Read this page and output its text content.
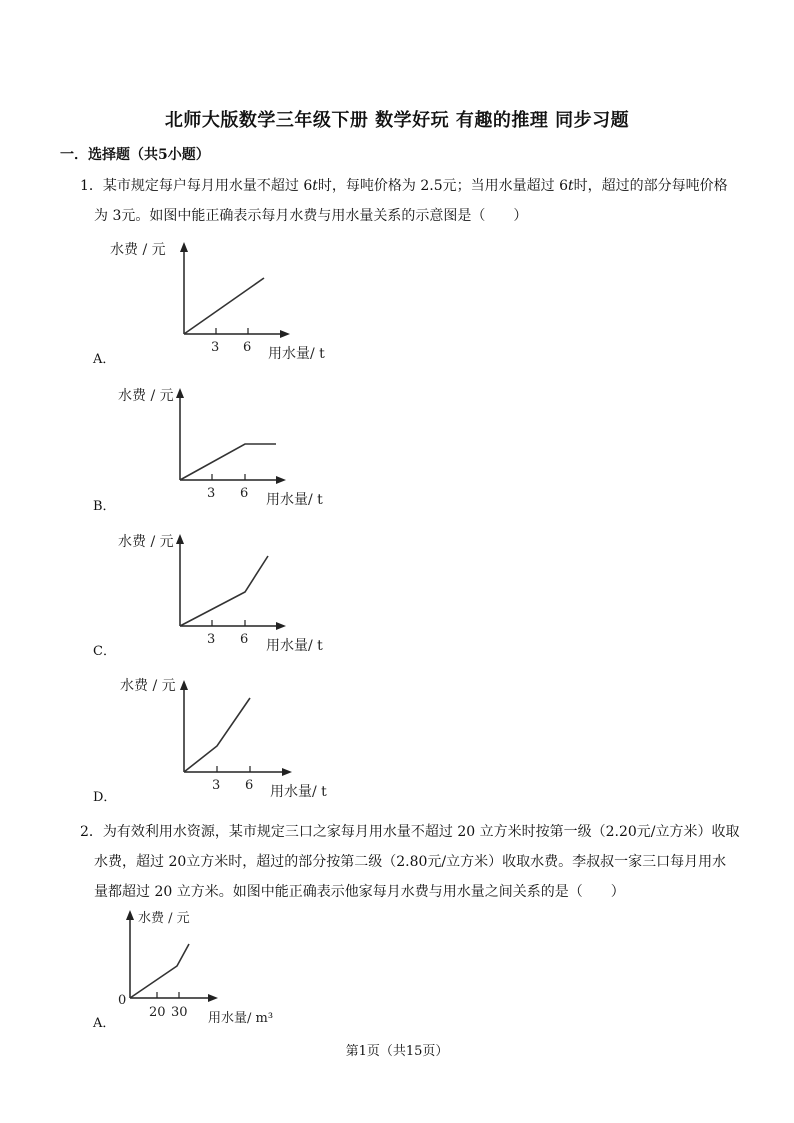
北师大版数学三年级下册 数学好玩 有趣的推理 同步习题
一．选择题（共5小题）
1．某市规定每户每月用水量不超过 6t时，每吨价格为 2.5元；当用水量超过 6t时，超过的部分每吨价格
为 3元。如图中能正确表示每月水费与用水量关系的示意图是（　　）
A．
水费 / 元
3 6 用水量/ t
B．
水费 / 元
3 6 用水量/ t
C．
水费 / 元
3 6 用水量/ t
D．
水费 / 元
3 6 用水量/ t
2．为有效利用水资源，某市规定三口之家每月用水量不超过 20 立方米时按第一级（2.20元/立方米）收取
水费，超过 20立方米时，超过的部分按第二级（2.80元/立方米）收取水费。李叔叔一家三口每月用水
量都超过 20 立方米。如图中能正确表示他家每月水费与用水量之间关系的是（　　）
A．
水费 / 元
0
20 30 用水量/ m³
第1页（共15页）
